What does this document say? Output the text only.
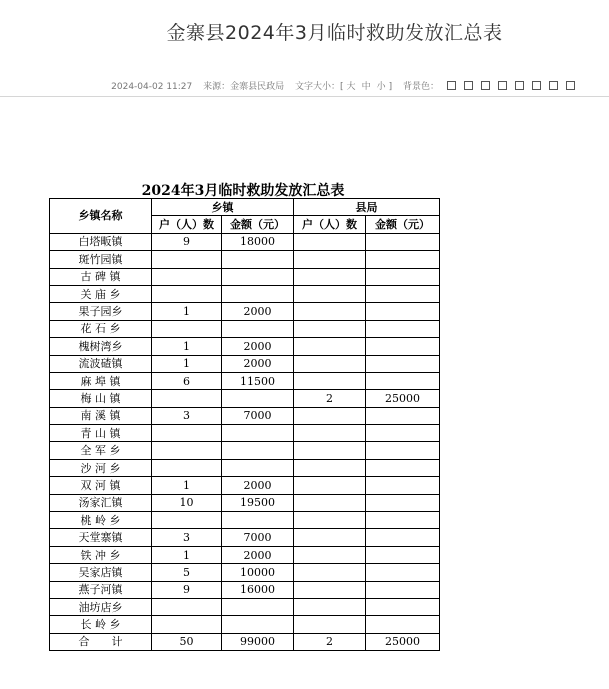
金寨县2024年3月临时救助发放汇总表
2024-04-02 11:27 来源：金寨县民政局 文字大小：[ 大 中 小 ] 背景色：
2024年3月临时救助发放汇总表
乡镇名称	乡镇		县局	
	户（人）数	金额（元）	户（人）数	金额（元）
白塔畈镇	9	18000		
斑竹园镇				
古 碑 镇				
关 庙 乡				
果子园乡	1	2000		
花 石 乡				
槐树湾乡	1	2000		
流波碴镇	1	2000		
麻 埠 镇	6	11500		
梅 山 镇			2	25000
南 溪 镇	3	7000		
青 山 镇				
全 军 乡				
沙 河 乡				
双 河 镇	1	2000		
汤家汇镇	10	19500		
桃 岭 乡				
天堂寨镇	3	7000		
铁 冲 乡	1	2000		
吴家店镇	5	10000		
燕子河镇	9	16000		
油坊店乡				
长 岭 乡				
合　　计	50	99000	2	25000
